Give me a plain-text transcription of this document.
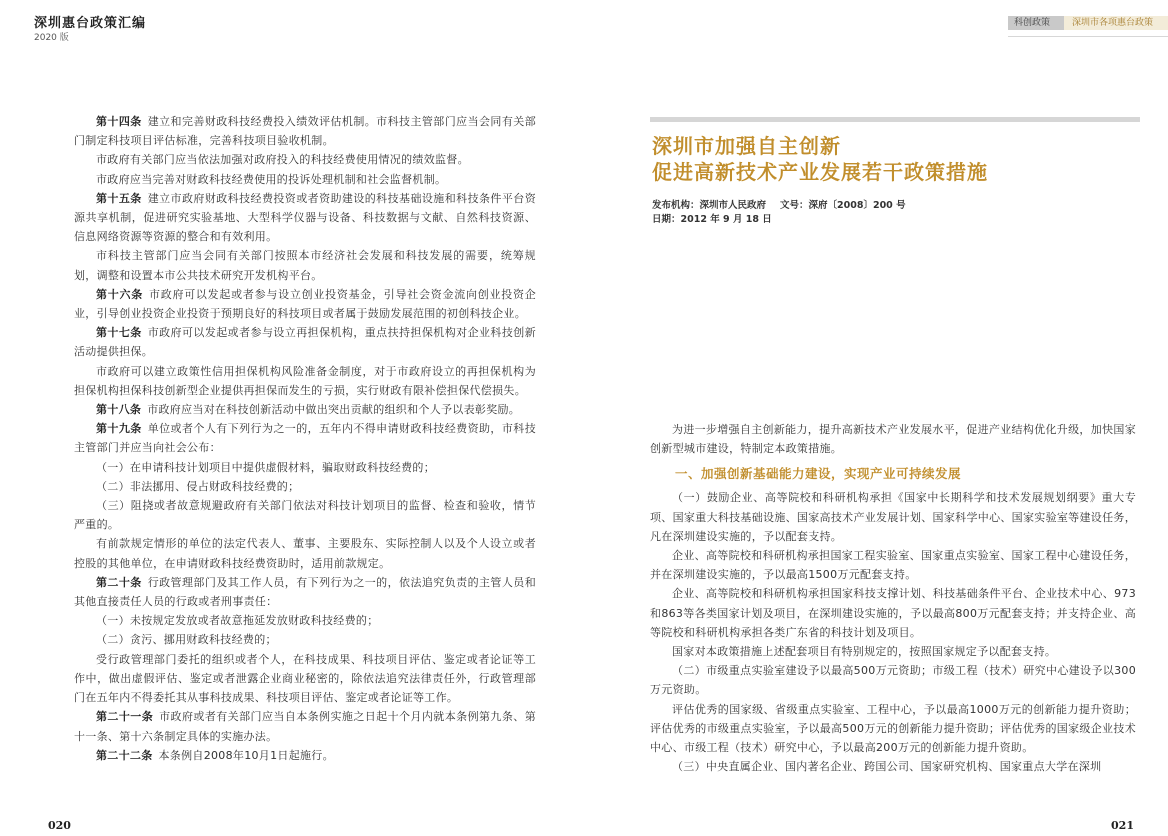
深圳惠台政策汇编
2020 版

第十四条 建立和完善财政科技经费投入绩效评估机制。市科技主管部门应当会同有关部门制定科技项目评估标准，完善科技项目验收机制。

市政府有关部门应当依法加强对政府投入的科技经费使用情况的绩效监督。

市政府应当完善对财政科技经费使用的投诉处理机制和社会监督机制。

第十五条 建立市政府财政科技经费投资或者资助建设的科技基础设施和科技条件平台资源共享机制，促进研究实验基地、大型科学仪器与设备、科技数据与文献、自然科技资源、信息网络资源等资源的整合和有效利用。

市科技主管部门应当会同有关部门按照本市经济社会发展和科技发展的需要，统筹规划，调整和设置本市公共技术研究开发机构平台。

第十六条 市政府可以发起或者参与设立创业投资基金，引导社会资金流向创业投资企业，引导创业投资企业投资于预期良好的科技项目或者属于鼓励发展范围的初创科技企业。

第十七条 市政府可以发起或者参与设立再担保机构，重点扶持担保机构对企业科技创新活动提供担保。

市政府可以建立政策性信用担保机构风险准备金制度，对于市政府设立的再担保机构为担保机构担保科技创新型企业提供再担保而发生的亏损，实行财政有限补偿担保代偿损失。

第十八条 市政府应当对在科技创新活动中做出突出贡献的组织和个人予以表彰奖励。

第十九条 单位或者个人有下列行为之一的，五年内不得申请财政科技经费资助，市科技主管部门并应当向社会公布：

（一）在申请科技计划项目中提供虚假材料，骗取财政科技经费的；

（二）非法挪用、侵占财政科技经费的；

（三）阻挠或者故意规避政府有关部门依法对科技计划项目的监督、检查和验收，情节严重的。

有前款规定情形的单位的法定代表人、董事、主要股东、实际控制人以及个人设立或者控股的其他单位，在申请财政科技经费资助时，适用前款规定。

第二十条 行政管理部门及其工作人员，有下列行为之一的，依法追究负责的主管人员和其他直接责任人员的行政或者刑事责任：

（一）未按规定发放或者故意拖延发放财政科技经费的；

（二）贪污、挪用财政科技经费的；

受行政管理部门委托的组织或者个人，在科技成果、科技项目评估、鉴定或者论证等工作中，做出虚假评估、鉴定或者泄露企业商业秘密的，除依法追究法律责任外，行政管理部门在五年内不得委托其从事科技成果、科技项目评估、鉴定或者论证等工作。

第二十一条 市政府或者有关部门应当自本条例实施之日起十个月内就本条例第九条、第十一条、第十六条制定具体的实施办法。

第二十二条 本条例自2008年10月1日起施行。

020
科创政策	深圳市各项惠台政策
深圳市加强自主创新
促进高新技术产业发展若干政策措施
发布机构：深圳市人民政府 文号：深府〔2008〕200 号
日期：2012 年 9 月 18 日

为进一步增强自主创新能力，提升高新技术产业发展水平，促进产业结构优化升级，加快国家创新型城市建设，特制定本政策措施。

一、加强创新基础能力建设，实现产业可持续发展

（一）鼓励企业、高等院校和科研机构承担《国家中长期科学和技术发展规划纲要》重大专项、国家重大科技基础设施、国家高技术产业发展计划、国家科学中心、国家实验室等建设任务，凡在深圳建设实施的，予以配套支持。

企业、高等院校和科研机构承担国家工程实验室、国家重点实验室、国家工程中心建设任务，并在深圳建设实施的，予以最高1500万元配套支持。

企业、高等院校和科研机构承担国家科技支撑计划、科技基础条件平台、企业技术中心、973和863等各类国家计划及项目，在深圳建设实施的，予以最高800万元配套支持；并支持企业、高等院校和科研机构承担各类广东省的科技计划及项目。

国家对本政策措施上述配套项目有特别规定的，按照国家规定予以配套支持。

（二）市级重点实验室建设予以最高500万元资助；市级工程（技术）研究中心建设予以300万元资助。

评估优秀的国家级、省级重点实验室、工程中心，予以最高1000万元的创新能力提升资助；评估优秀的市级重点实验室，予以最高500万元的创新能力提升资助；评估优秀的国家级企业技术中心、市级工程（技术）研究中心，予以最高200万元的创新能力提升资助。

（三）中央直属企业、国内著名企业、跨国公司、国家研究机构、国家重点大学在深圳

021
